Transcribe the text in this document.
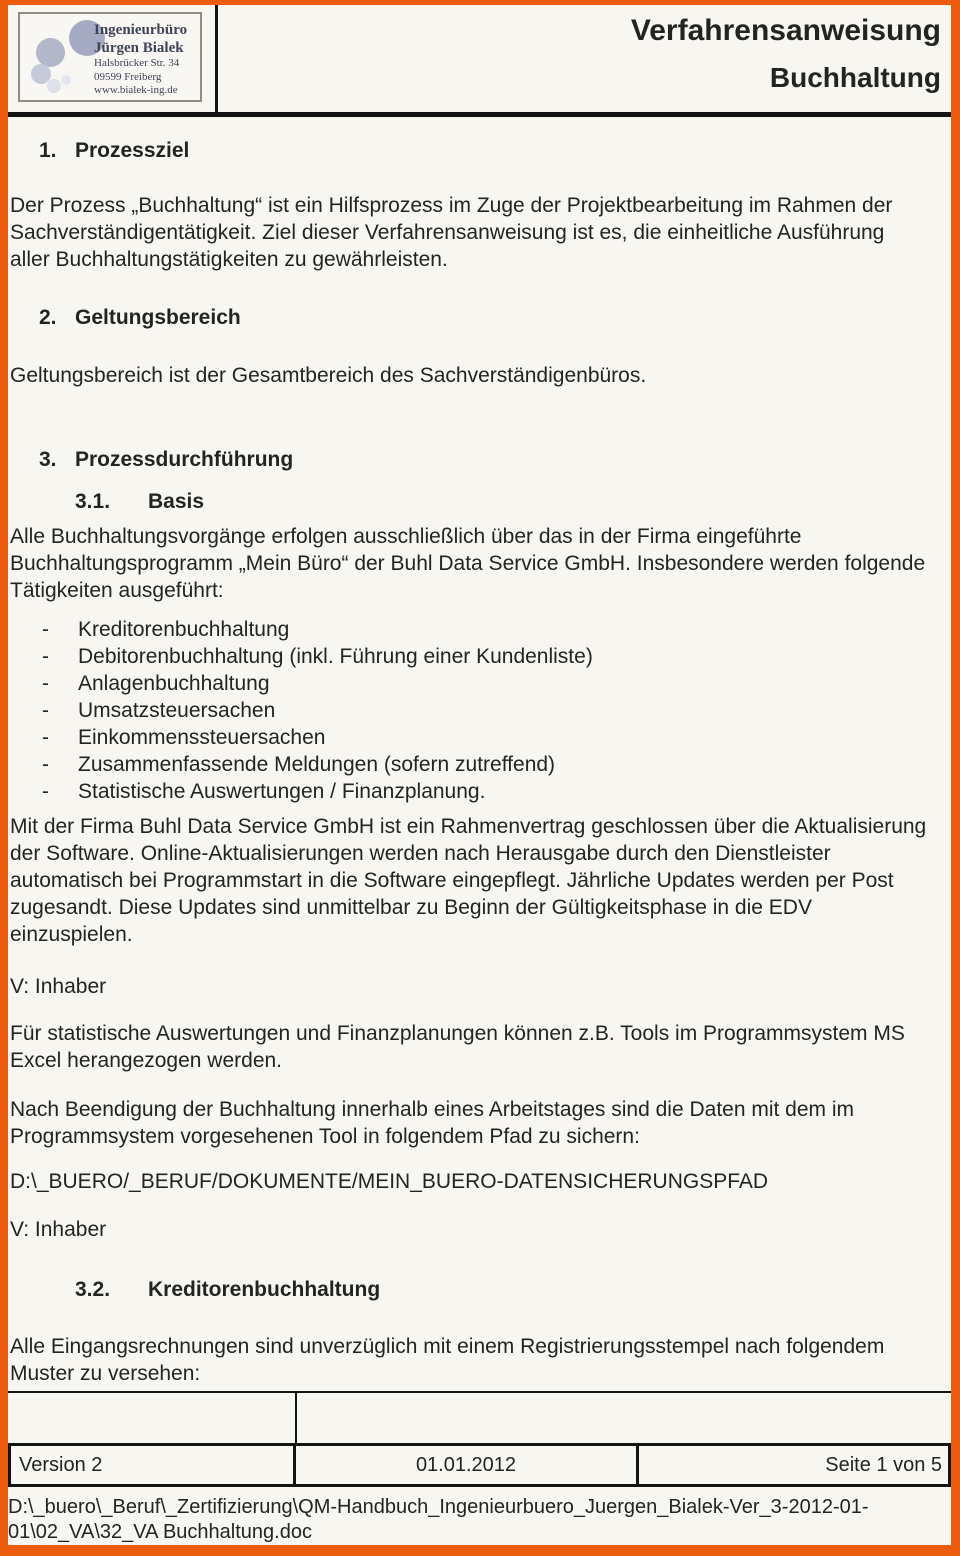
Ingenieurbüro
Jürgen Bialek
Halsbrücker Str. 34
09599 Freiberg
www.bialek-ing.de
Verfahrensanweisung
Buchhaltung
1. Prozessziel
Der Prozess „Buchhaltung“ ist ein Hilfsprozess im Zuge der Projektbearbeitung im Rahmen der Sachverständigentätigkeit. Ziel dieser Verfahrensanweisung ist es, die einheitliche Ausführung aller Buchhaltungstätigkeiten zu gewährleisten.
2. Geltungsbereich
Geltungsbereich ist der Gesamtbereich des Sachverständigenbüros.
3. Prozessdurchführung
3.1.	Basis
Alle Buchhaltungsvorgänge erfolgen ausschließlich über das in der Firma eingeführte Buchhaltungsprogramm „Mein Büro“ der Buhl Data Service GmbH. Insbesondere werden folgende Tätigkeiten ausgeführt:
-	Kreditorenbuchhaltung
-	Debitorenbuchhaltung (inkl. Führung einer Kundenliste)
-	Anlagenbuchhaltung
-	Umsatzsteuersachen
-	Einkommenssteuersachen
-	Zusammenfassende Meldungen (sofern zutreffend)
-	Statistische Auswertungen / Finanzplanung.
Mit der Firma Buhl Data Service GmbH ist ein Rahmenvertrag geschlossen über die Aktualisierung der Software. Online-Aktualisierungen werden nach Herausgabe durch den Dienstleister automatisch bei Programmstart in die Software eingepflegt. Jährliche Updates werden per Post zugesandt. Diese Updates sind unmittelbar zu Beginn der Gültigkeitsphase in die EDV einzuspielen.
V: Inhaber
Für statistische Auswertungen und Finanzplanungen können z.B. Tools im Programmsystem MS Excel herangezogen werden.
Nach Beendigung der Buchhaltung innerhalb eines Arbeitstages sind die Daten mit dem im Programmsystem vorgesehenen Tool in folgendem Pfad zu sichern:
D:\_BUERO/_BERUF/DOKUMENTE/MEIN_BUERO-DATENSICHERUNGSPFAD
V: Inhaber
3.2.	Kreditorenbuchhaltung
Alle Eingangsrechnungen sind unverzüglich mit einem Registrierungsstempel nach folgendem Muster zu versehen:
Version 2	01.01.2012	Seite 1 von 5
D:\_buero\_Beruf\_Zertifizierung\QM-Handbuch_Ingenieurbuero_Juergen_Bialek-Ver_3-2012-01-
01\02_VA\32_VA Buchhaltung.doc
